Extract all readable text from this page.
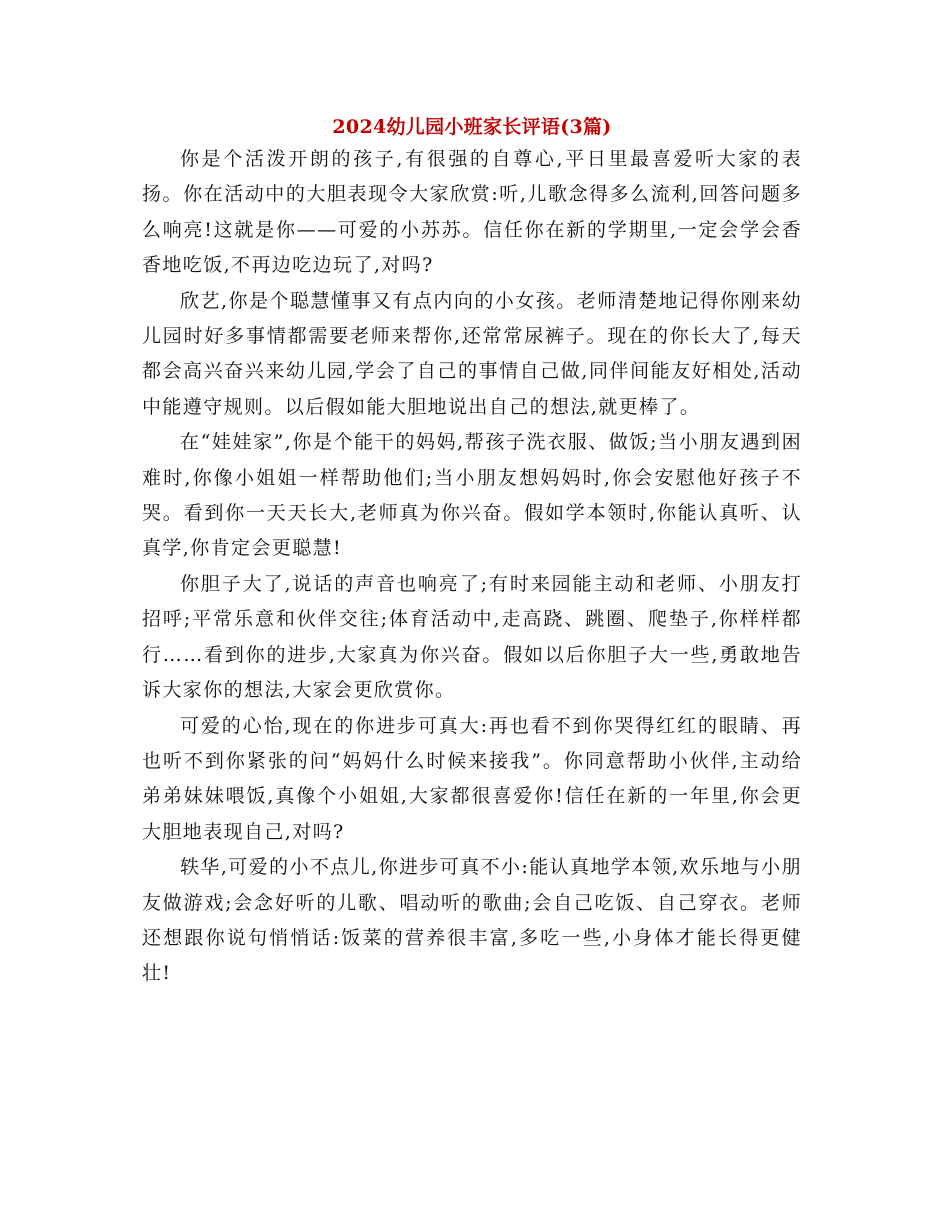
2024幼儿园小班家长评语(3篇)

你是个活泼开朗的孩子,有很强的自尊心,平日里最喜爱听大家的表扬。你在活动中的大胆表现令大家欣赏:听,儿歌念得多么流利,回答问题多么响亮!这就是你——可爱的小苏苏。信任你在新的学期里,一定会学会香香地吃饭,不再边吃边玩了,对吗?

欣艺,你是个聪慧懂事又有点内向的小女孩。老师清楚地记得你刚来幼儿园时好多事情都需要老师来帮你,还常常尿裤子。现在的你长大了,每天都会高兴奋兴来幼儿园,学会了自己的事情自己做,同伴间能友好相处,活动中能遵守规则。以后假如能大胆地说出自己的想法,就更棒了。

在“娃娃家”,你是个能干的妈妈,帮孩子洗衣服、做饭;当小朋友遇到困难时,你像小姐姐一样帮助他们;当小朋友想妈妈时,你会安慰他好孩子不哭。看到你一天天长大,老师真为你兴奋。假如学本领时,你能认真听、认真学,你肯定会更聪慧!

你胆子大了,说话的声音也响亮了;有时来园能主动和老师、小朋友打招呼;平常乐意和伙伴交往;体育活动中,走高跷、跳圈、爬垫子,你样样都行……看到你的进步,大家真为你兴奋。假如以后你胆子大一些,勇敢地告诉大家你的想法,大家会更欣赏你。

可爱的心怡,现在的你进步可真大:再也看不到你哭得红红的眼睛、再也听不到你紧张的问“妈妈什么时候来接我”。你同意帮助小伙伴,主动给弟弟妹妹喂饭,真像个小姐姐,大家都很喜爱你!信任在新的一年里,你会更大胆地表现自己,对吗?

轶华,可爱的小不点儿,你进步可真不小:能认真地学本领,欢乐地与小朋友做游戏;会念好听的儿歌、唱动听的歌曲;会自己吃饭、自己穿衣。老师还想跟你说句悄悄话:饭菜的营养很丰富,多吃一些,小身体才能长得更健壮!
